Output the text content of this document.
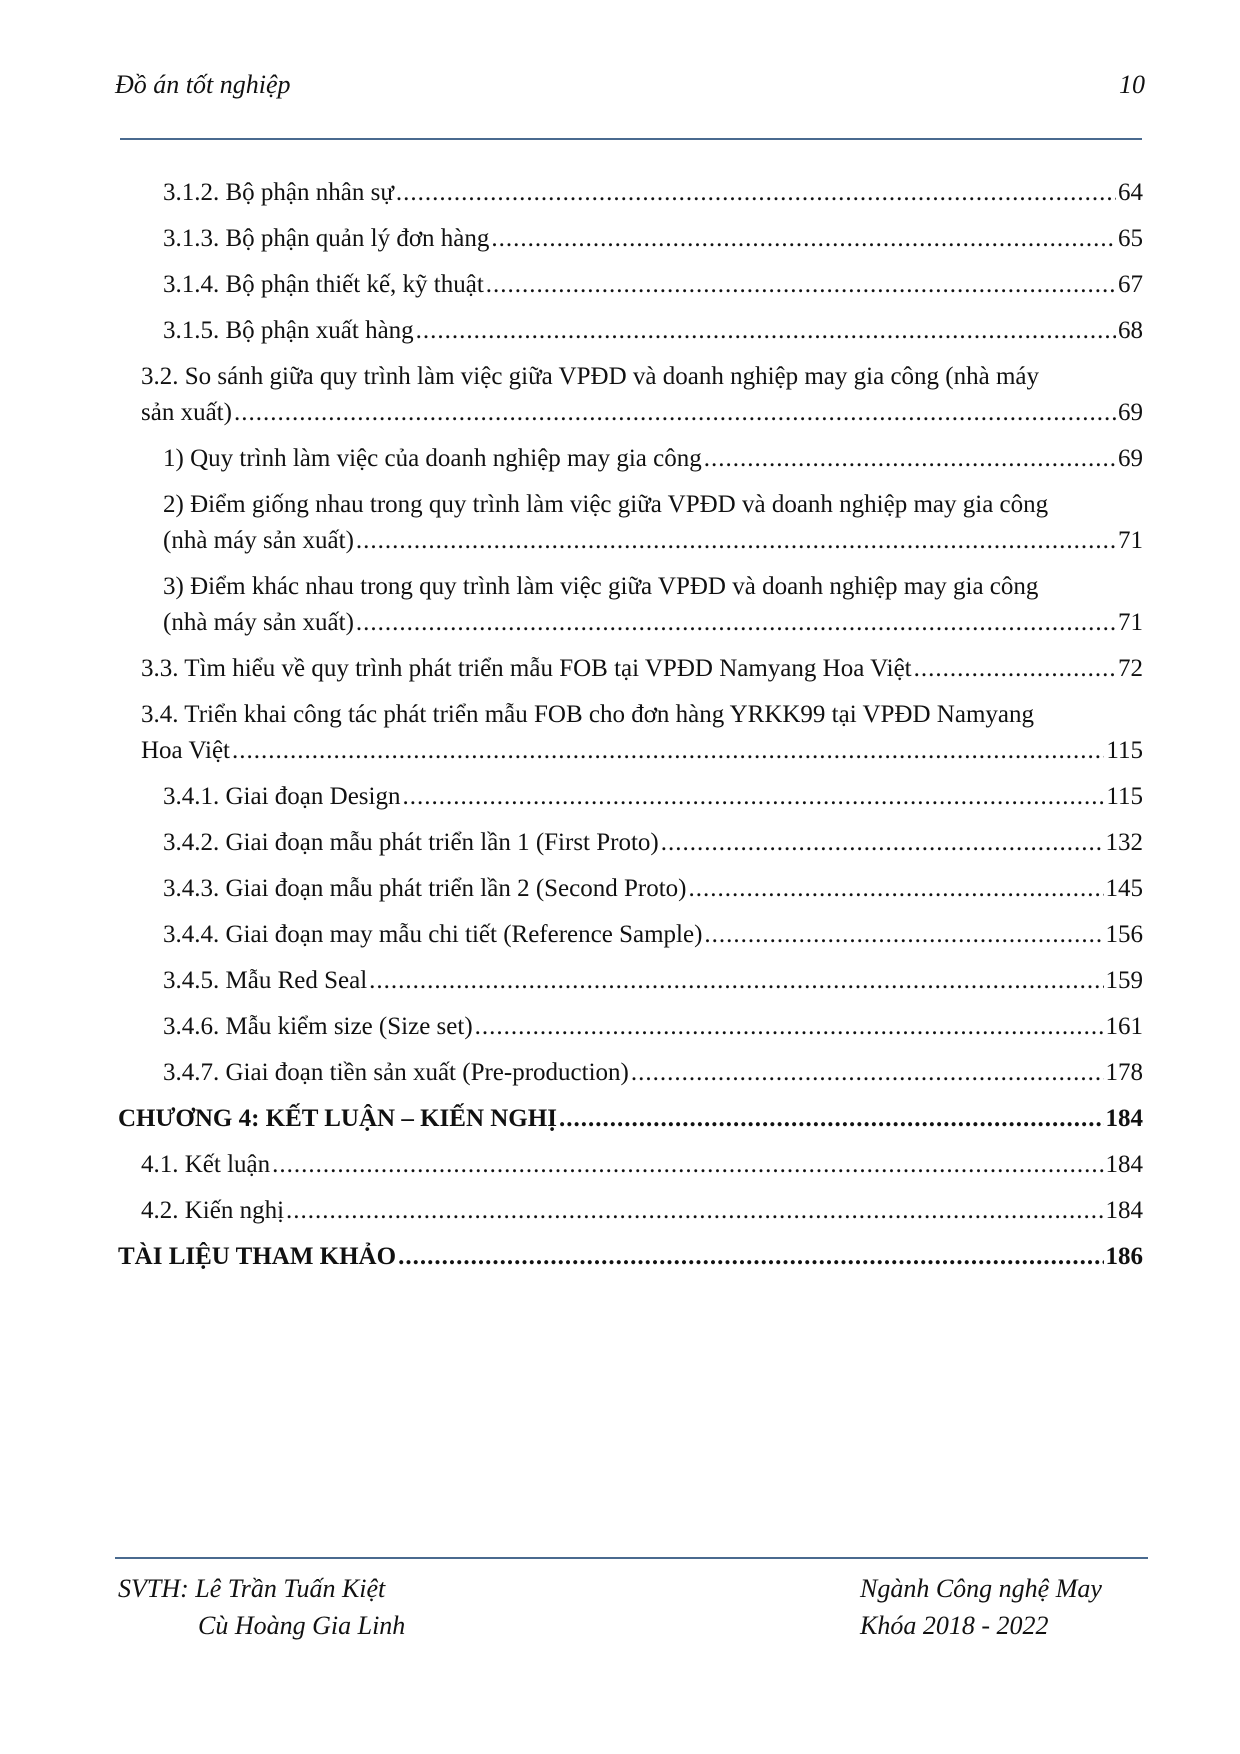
Đồ án tốt nghiệp	10
3.1.2. Bộ phận nhân sự .....	64
3.1.3. Bộ phận quản lý đơn hàng .....	65
3.1.4. Bộ phận thiết kế, kỹ thuật .....	67
3.1.5. Bộ phận xuất hàng .....	68
3.2. So sánh giữa quy trình làm việc giữa VPĐD và doanh nghiệp may gia công (nhà máy
sản xuất) .....	69
1) Quy trình làm việc của doanh nghiệp may gia công .....	69
2) Điểm giống nhau trong quy trình làm việc giữa VPĐD và doanh nghiệp may gia công
(nhà máy sản xuất) .....	71
3) Điểm khác nhau trong quy trình làm việc giữa VPĐD và doanh nghiệp may gia công
(nhà máy sản xuất) .....	71
3.3. Tìm hiểu về quy trình phát triển mẫu FOB tại VPĐD Namyang Hoa Việt .....	72
3.4. Triển khai công tác phát triển mẫu FOB cho đơn hàng YRKK99 tại VPĐD Namyang
Hoa Việt .....	115
3.4.1. Giai đoạn Design .....	115
3.4.2. Giai đoạn mẫu phát triển lần 1 (First Proto) .....	132
3.4.3. Giai đoạn mẫu phát triển lần 2 (Second Proto) .....	145
3.4.4. Giai đoạn may mẫu chi tiết (Reference Sample) .....	156
3.4.5. Mẫu Red Seal .....	159
3.4.6. Mẫu kiểm size (Size set) .....	161
3.4.7. Giai đoạn tiền sản xuất (Pre-production) .....	178
CHƯƠNG 4: KẾT LUẬN – KIẾN NGHỊ .....	184
4.1. Kết luận .....	184
4.2. Kiến nghị .....	184
TÀI LIỆU THAM KHẢO .....	186
SVTH: Lê Trần Tuấn Kiệt
Cù Hoàng Gia Linh
Ngành Công nghệ May
Khóa 2018 - 2022
